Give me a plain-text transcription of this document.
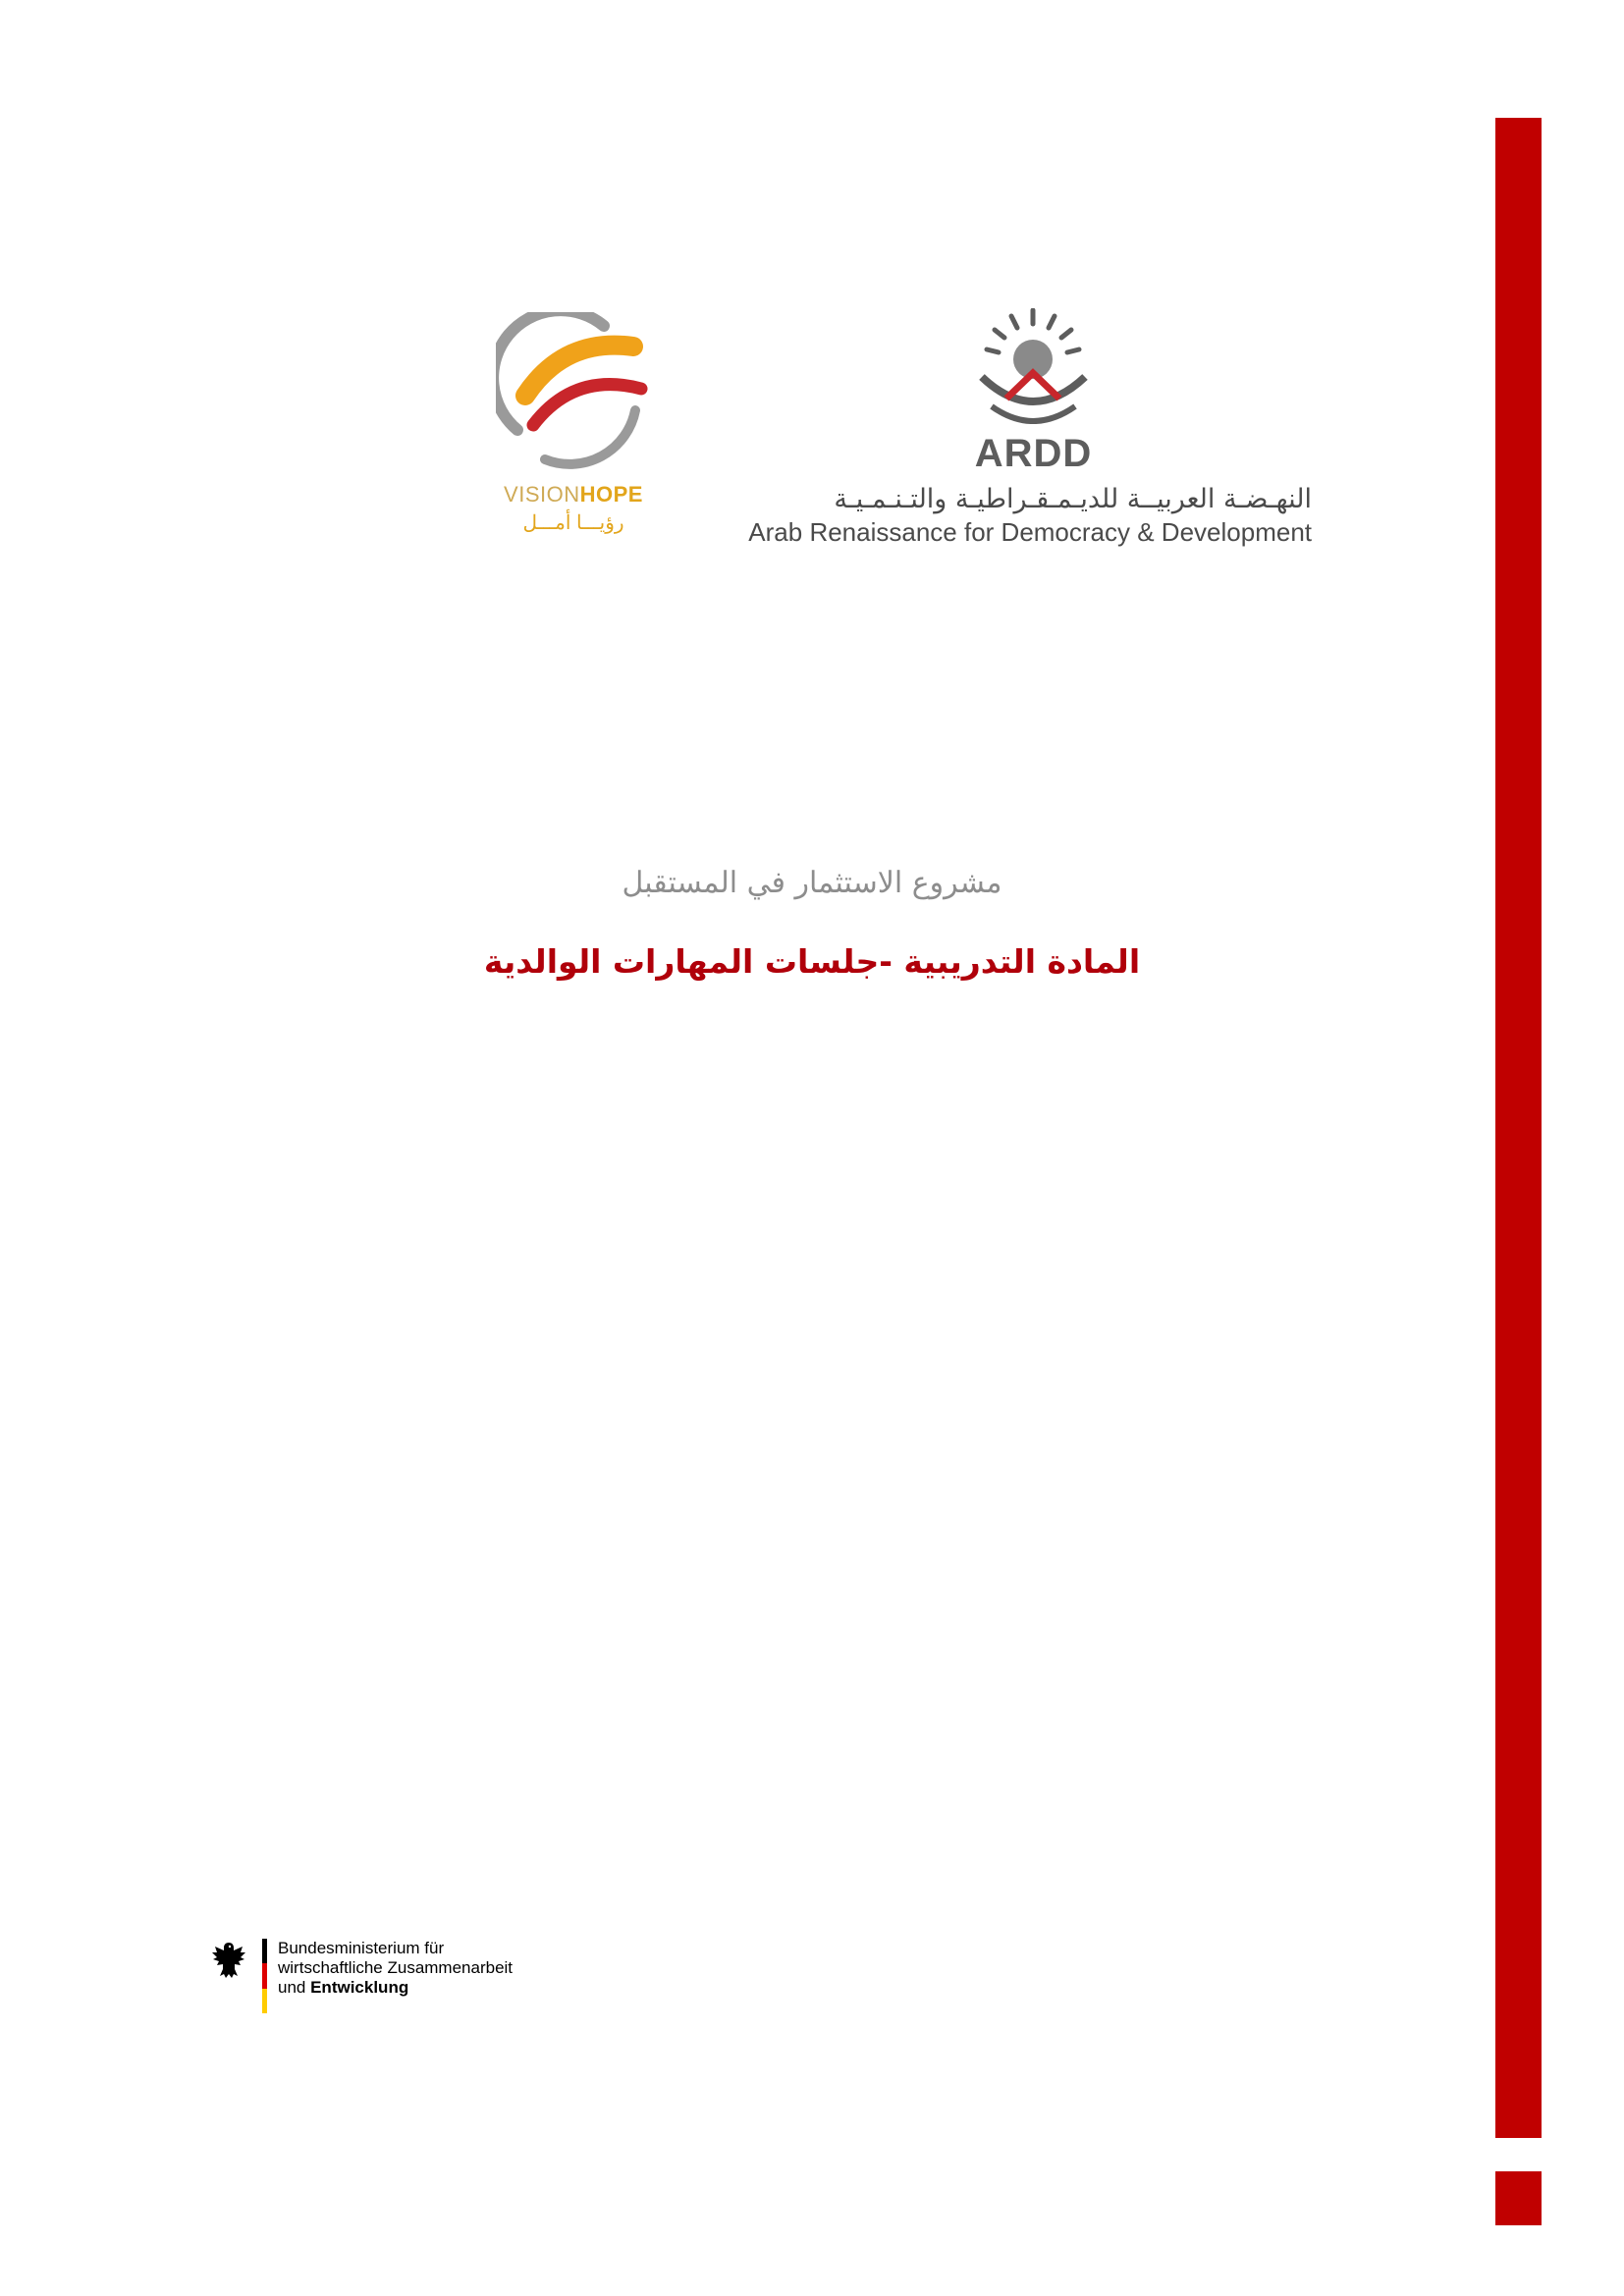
VISIONHOPE
رؤيـــا أمـــل
ARDD
النهـضـة العربيــة للديـمـقـراطيـة والتـنـمـيـة
Arab Renaissance for Democracy & Development
مشروع الاستثمار في المستقبل
المادة التدريبية -جلسات المهارات الوالدية
Bundesministerium für
wirtschaftliche Zusammenarbeit
und Entwicklung
